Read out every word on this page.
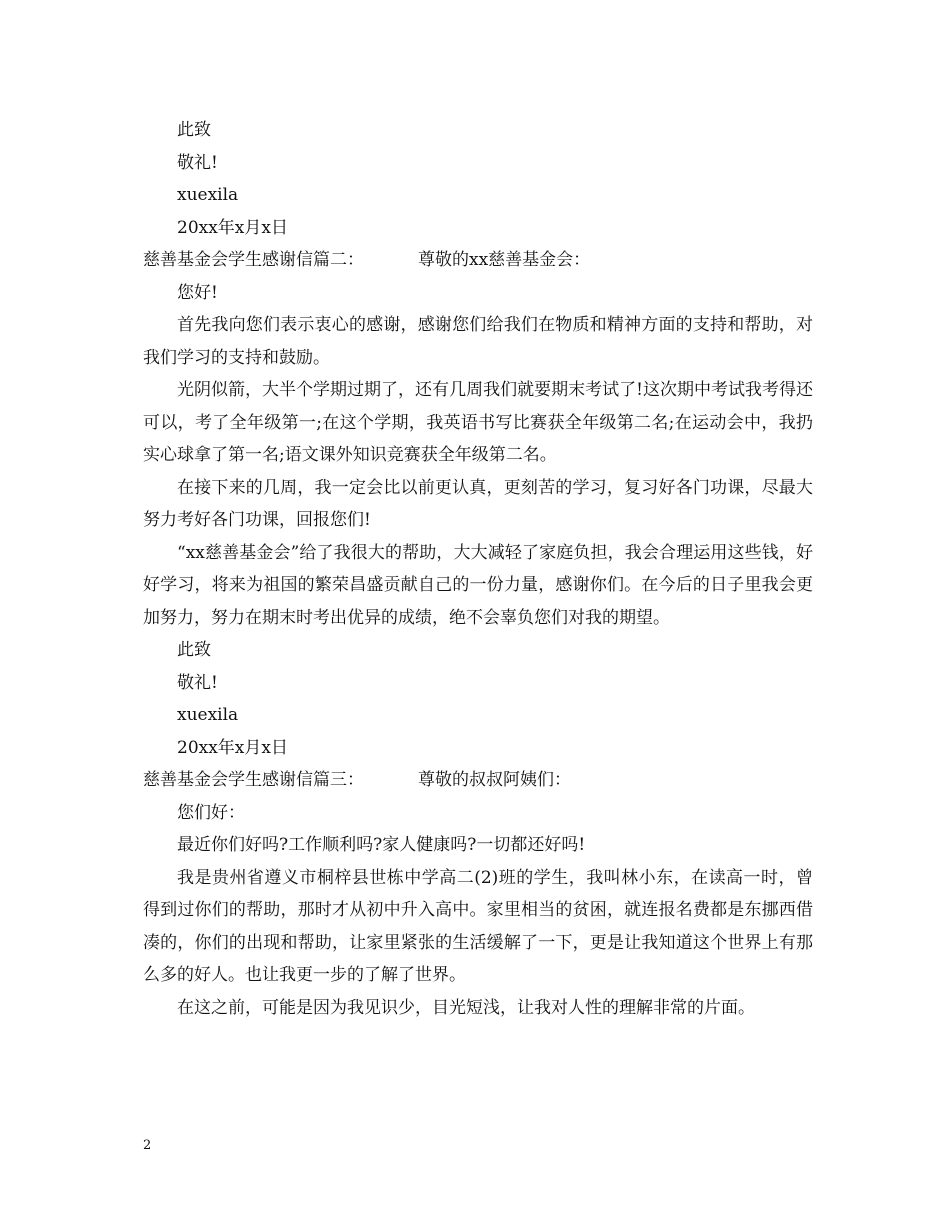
此致
敬礼!
xuexila
20xx年x月x日
慈善基金会学生感谢信篇二：	尊敬的xx慈善基金会：
您好!

首先我向您们表示衷心的感谢，感谢您们给我们在物质和精神方面的支持和帮助，对我们学习的支持和鼓励。

光阴似箭，大半个学期过期了，还有几周我们就要期末考试了!这次期中考试我考得还可以，考了全年级第一;在这个学期，我英语书写比赛获全年级第二名;在运动会中，我扔实心球拿了第一名;语文课外知识竞赛获全年级第二名。

在接下来的几周，我一定会比以前更认真，更刻苦的学习，复习好各门功课，尽最大努力考好各门功课，回报您们!

“xx慈善基金会”给了我很大的帮助，大大减轻了家庭负担，我会合理运用这些钱，好好学习，将来为祖国的繁荣昌盛贡献自己的一份力量，感谢你们。在今后的日子里我会更加努力，努力在期末时考出优异的成绩，绝不会辜负您们对我的期望。

此致
敬礼!
xuexila
20xx年x月x日
慈善基金会学生感谢信篇三：	尊敬的叔叔阿姨们：
您们好：

最近你们好吗?工作顺利吗?家人健康吗?一切都还好吗!

我是贵州省遵义市桐梓县世栋中学高二(2)班的学生，我叫林小东，在读高一时，曾得到过你们的帮助，那时才从初中升入高中。家里相当的贫困，就连报名费都是东挪西借凑的，你们的出现和帮助，让家里紧张的生活缓解了一下，更是让我知道这个世界上有那么多的好人。也让我更一步的了解了世界。

在这之前，可能是因为我见识少，目光短浅，让我对人性的理解非常的片面。

2
